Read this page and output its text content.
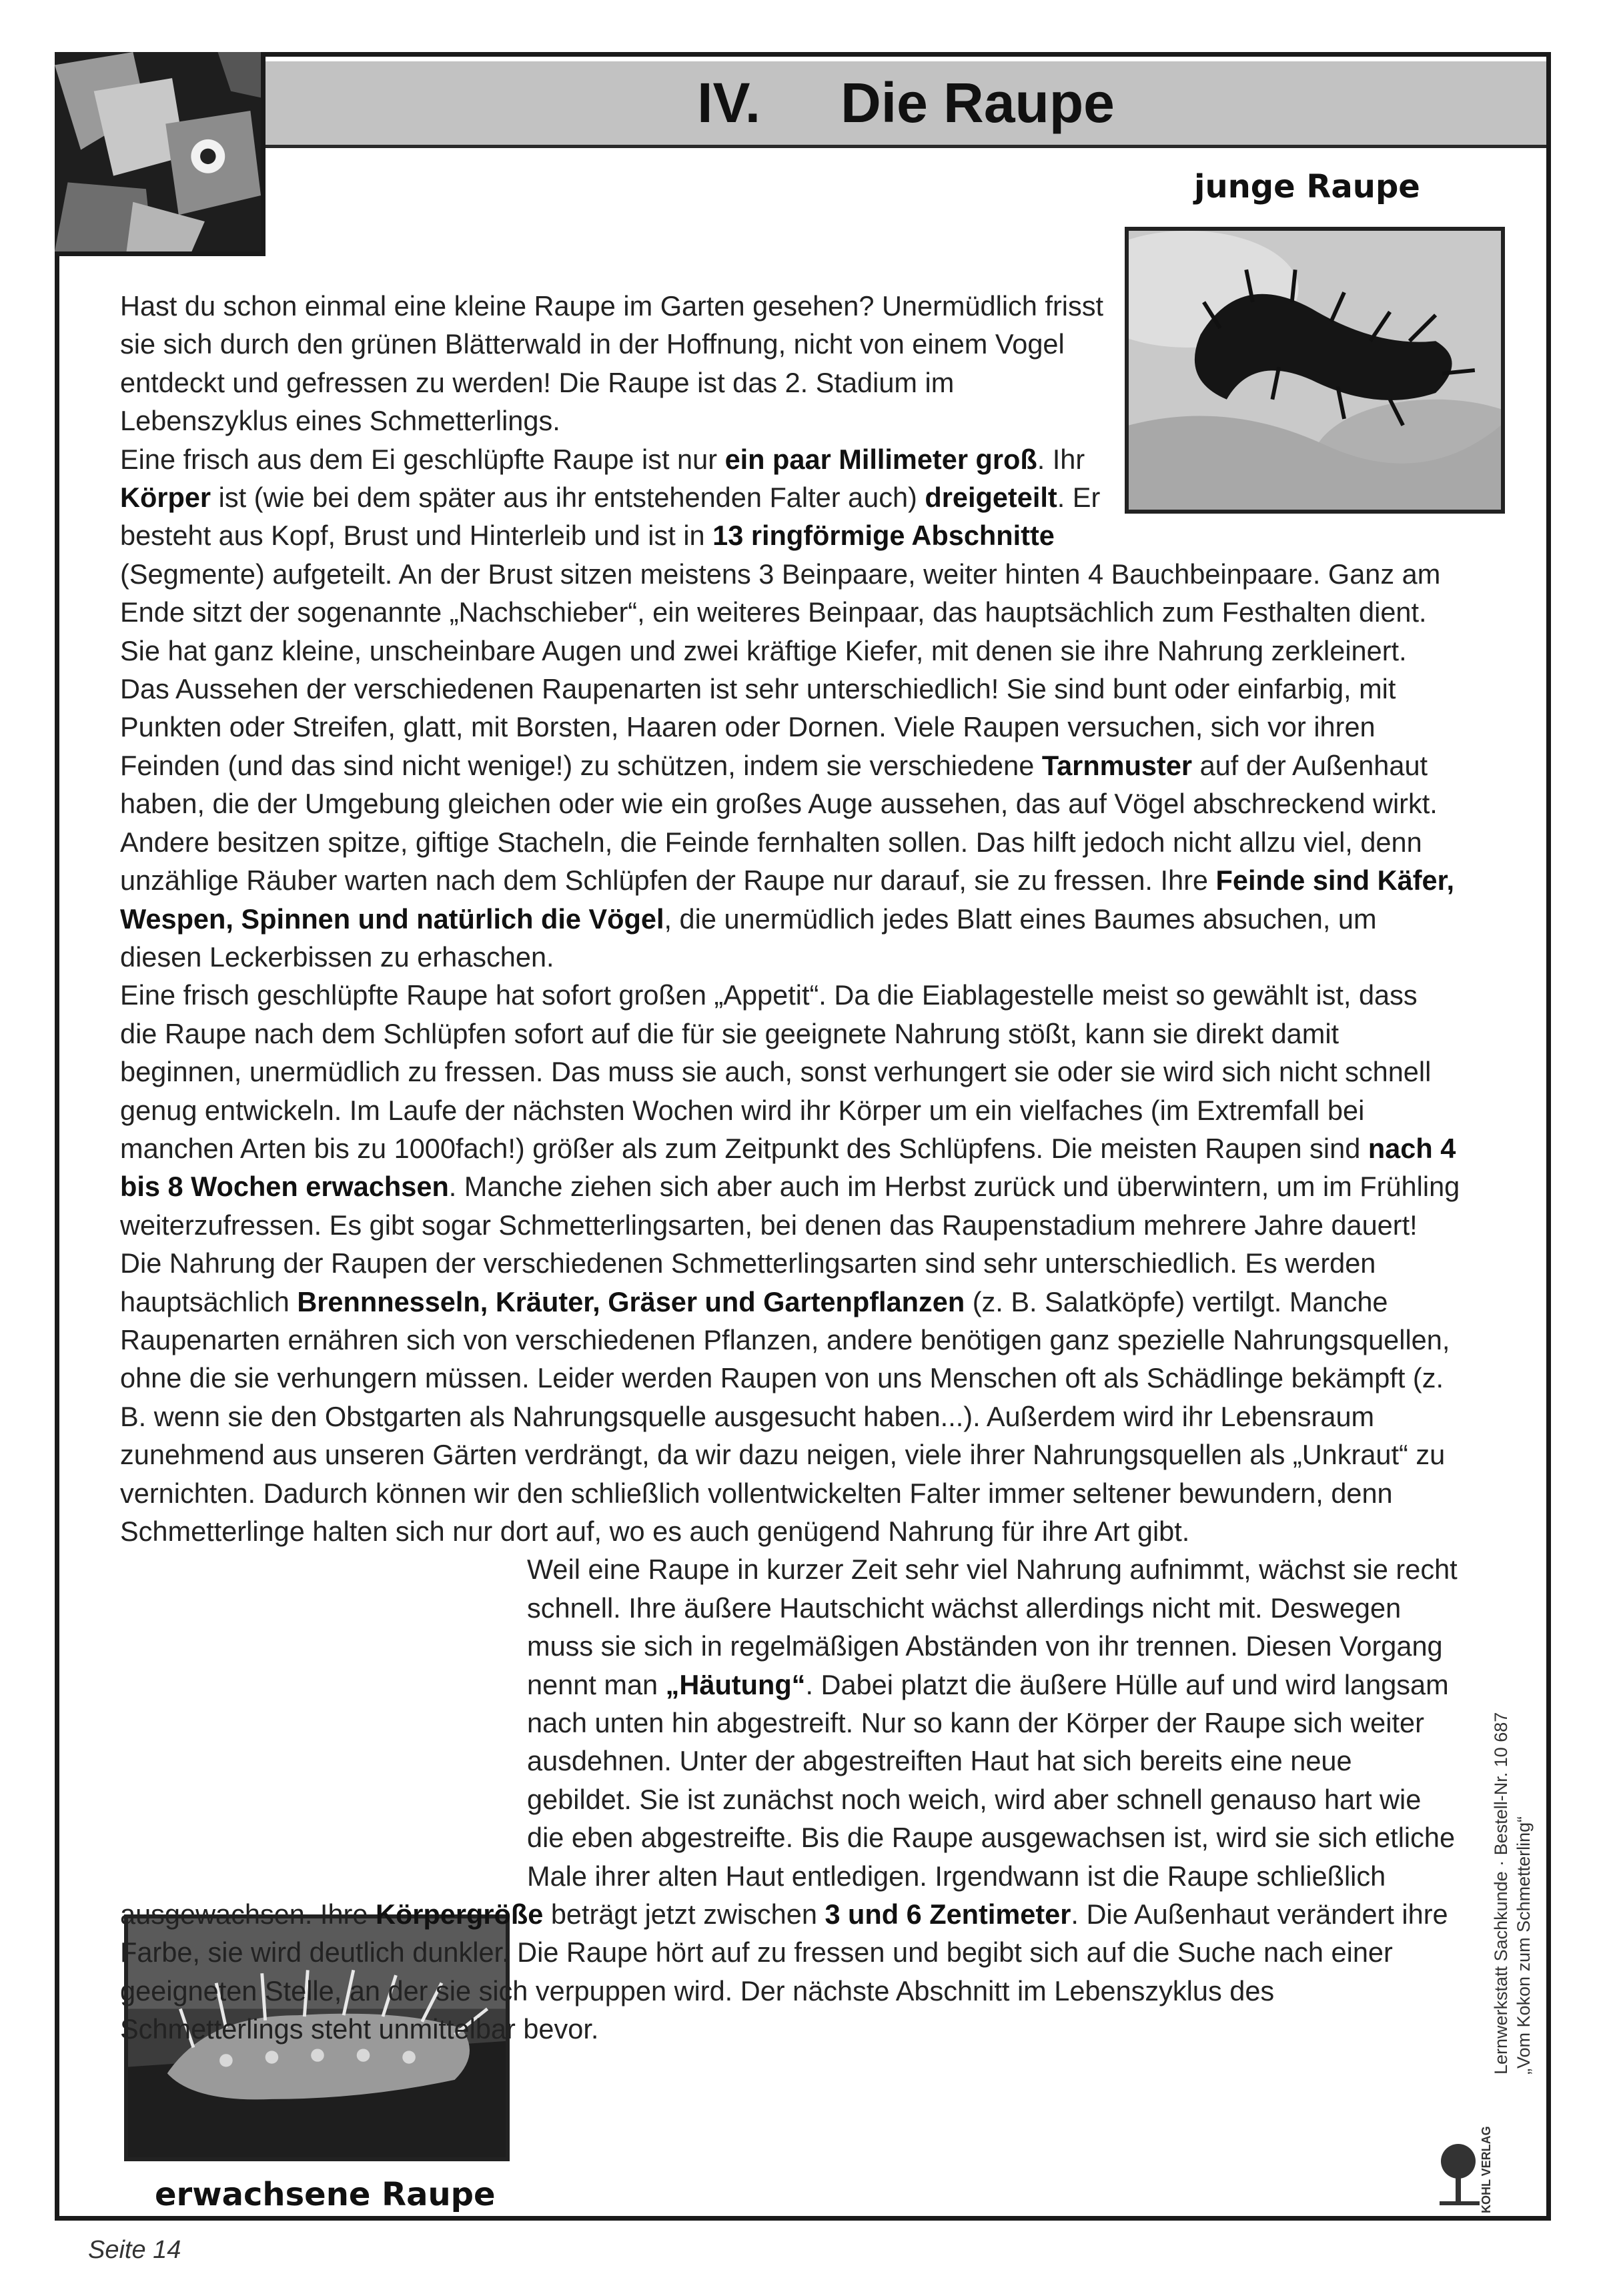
IV. Die Raupe
junge Raupe
erwachsene Raupe

Hast du schon einmal eine kleine Raupe im Garten gesehen? Unermüdlich frisst sie sich durch den grünen Blätterwald in der Hoffnung, nicht von einem Vogel entdeckt und gefressen zu werden! Die Raupe ist das 2. Stadium im Lebenszyklus eines Schmetterlings.

Eine frisch aus dem Ei geschlüpfte Raupe ist nur ein paar Millimeter groß. Ihr Körper ist (wie bei dem später aus ihr entstehenden Falter auch) dreigeteilt. Er besteht aus Kopf, Brust und Hinterleib und ist in 13 ringförmige Abschnitte (Segmente) aufgeteilt. An der Brust sitzen meistens 3 Beinpaare, weiter hinten 4 Bauchbeinpaare. Ganz am Ende sitzt der sogenannte „Nachschieber“, ein weiteres Beinpaar, das hauptsächlich zum Festhalten dient. Sie hat ganz kleine, unscheinbare Augen und zwei kräftige Kiefer, mit denen sie ihre Nahrung zerkleinert. Das Aussehen der verschiedenen Raupenarten ist sehr unterschiedlich! Sie sind bunt oder einfarbig, mit Punkten oder Streifen, glatt, mit Borsten, Haaren oder Dornen. Viele Raupen versuchen, sich vor ihren Feinden (und das sind nicht wenige!) zu schützen, indem sie verschiedene Tarnmuster auf der Außenhaut haben, die der Umgebung gleichen oder wie ein großes Auge aussehen, das auf Vögel abschreckend wirkt. Andere besitzen spitze, giftige Stacheln, die Feinde fernhalten sollen. Das hilft jedoch nicht allzu viel, denn unzählige Räuber warten nach dem Schlüpfen der Raupe nur darauf, sie zu fressen. Ihre Feinde sind Käfer, Wespen, Spinnen und natürlich die Vögel, die unermüdlich jedes Blatt eines Baumes absuchen, um diesen Leckerbissen zu erhaschen.

Eine frisch geschlüpfte Raupe hat sofort großen „Appetit“. Da die Eiablagestelle meist so gewählt ist, dass die Raupe nach dem Schlüpfen sofort auf die für sie geeignete Nahrung stößt, kann sie direkt damit beginnen, unermüdlich zu fressen. Das muss sie auch, sonst verhungert sie oder sie wird sich nicht schnell genug entwickeln. Im Laufe der nächsten Wochen wird ihr Körper um ein vielfaches (im Extremfall bei manchen Arten bis zu 1000fach!) größer als zum Zeitpunkt des Schlüpfens. Die meisten Raupen sind nach 4 bis 8 Wochen erwachsen. Manche ziehen sich aber auch im Herbst zurück und überwintern, um im Frühling weiterzufressen. Es gibt sogar Schmetterlingsarten, bei denen das Raupenstadium mehrere Jahre dauert!

Die Nahrung der Raupen der verschiedenen Schmetterlingsarten sind sehr unterschiedlich. Es werden hauptsächlich Brennnesseln, Kräuter, Gräser und Gartenpflanzen (z. B. Salatköpfe) vertilgt. Manche Raupenarten ernähren sich von verschiedenen Pflanzen, andere benötigen ganz spezielle Nahrungsquellen, ohne die sie verhungern müssen. Leider werden Raupen von uns Menschen oft als Schädlinge bekämpft (z. B. wenn sie den Obstgarten als Nahrungsquelle ausgesucht haben...). Außerdem wird ihr Lebensraum zunehmend aus unseren Gärten verdrängt, da wir dazu neigen, viele ihrer Nahrungsquellen als „Unkraut“ zu vernichten. Dadurch können wir den schließlich vollentwickelten Falter immer seltener bewundern, denn Schmetterlinge halten sich nur dort auf, wo es auch genügend Nahrung für ihre Art gibt.

Weil eine Raupe in kurzer Zeit sehr viel Nahrung aufnimmt, wächst sie recht schnell. Ihre äußere Hautschicht wächst allerdings nicht mit. Deswegen muss sie sich in regelmäßigen Abständen von ihr trennen. Diesen Vorgang nennt man „Häutung“. Dabei platzt die äußere Hülle auf und wird langsam nach unten hin abgestreift. Nur so kann der Körper der Raupe sich weiter ausdehnen. Unter der abgestreiften Haut hat sich bereits eine neue gebildet. Sie ist zunächst noch weich, wird aber schnell genauso hart wie die eben abgestreifte. Bis die Raupe ausgewachsen ist, wird sie sich etliche Male ihrer alten Haut entledigen. Irgendwann ist die Raupe schließlich ausgewachsen. Ihre Körpergröße beträgt jetzt zwischen 3 und 6 Zentimeter. Die Außenhaut verändert ihre Farbe, sie wird deutlich dunkler. Die Raupe hört auf zu fressen und begibt sich auf die Suche nach einer geeigneten Stelle, an der sie sich verpuppen wird. Der nächste Abschnitt im Lebenszyklus des Schmetterlings steht unmittelbar bevor.

KOHL VERLAG
Lernwerkstatt Sachkunde · Bestell-Nr. 10 687 „Vom Kokon zum Schmetterling“
Seite 14
